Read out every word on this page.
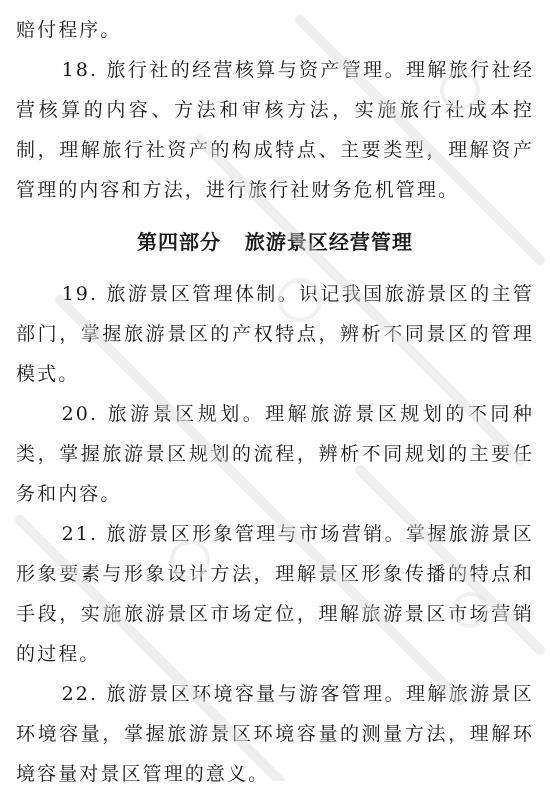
赔付程序。

18. 旅行社的经营核算与资产管理。理解旅行社经营核算的内容、方法和审核方法，实施旅行社成本控制，理解旅行社资产的构成特点、主要类型，理解资产管理的内容和方法，进行旅行社财务危机管理。

第四部分   旅游景区经营管理

19. 旅游景区管理体制。识记我国旅游景区的主管部门，掌握旅游景区的产权特点，辨析不同景区的管理模式。

20. 旅游景区规划。理解旅游景区规划的不同种类，掌握旅游景区规划的流程，辨析不同规划的主要任务和内容。

21. 旅游景区形象管理与市场营销。掌握旅游景区形象要素与形象设计方法，理解景区形象传播的特点和手段，实施旅游景区市场定位，理解旅游景区市场营销的过程。

22. 旅游景区环境容量与游客管理。理解旅游景区环境容量，掌握旅游景区环境容量的测量方法，理解环境容量对景区管理的意义。
